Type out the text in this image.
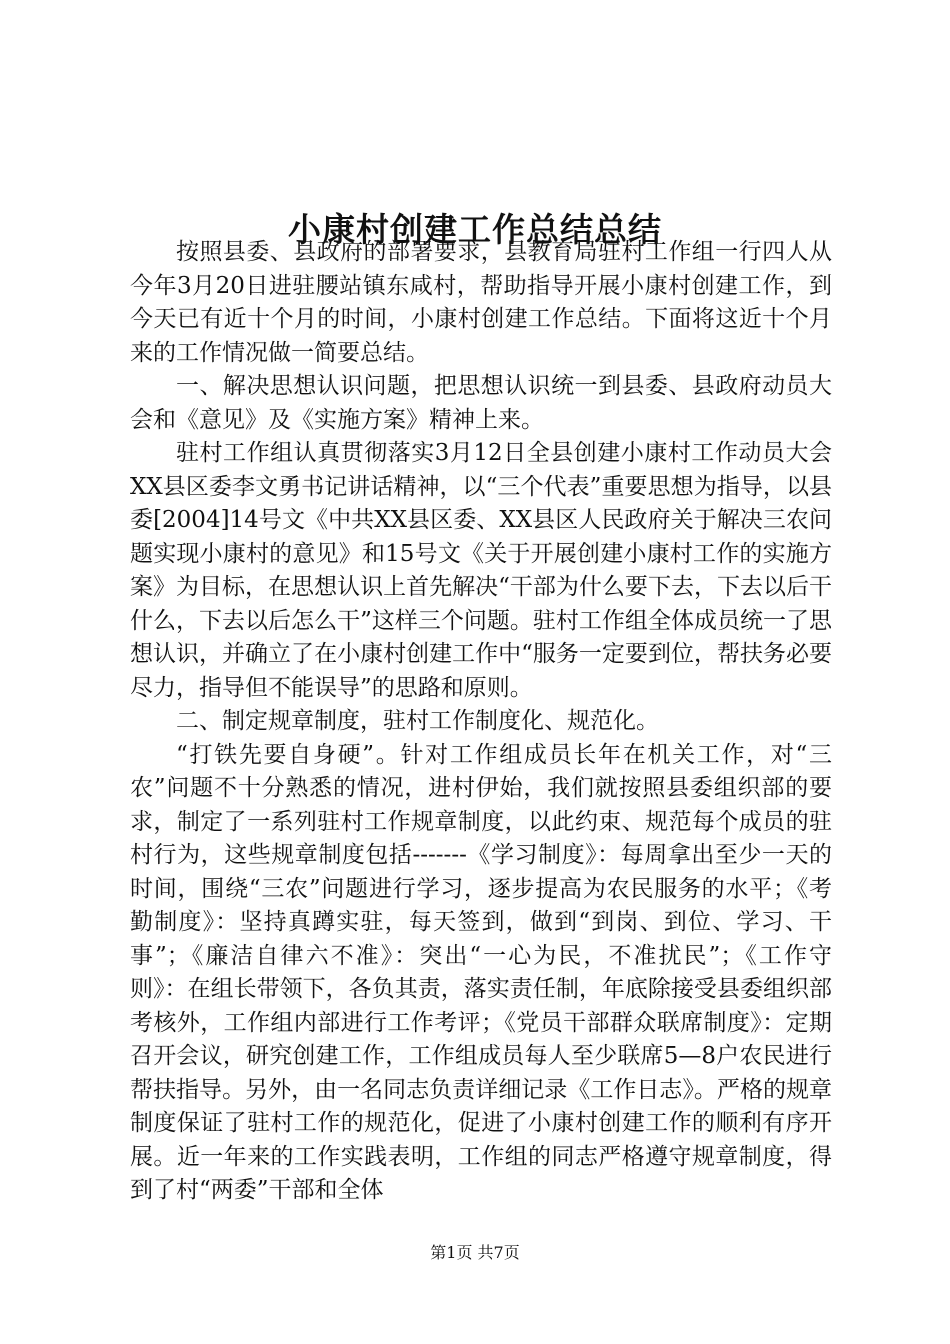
小康村创建工作总结总结

按照县委、县政府的部署要求，县教育局驻村工作组一行四人从今年3月20日进驻腰站镇东咸村，帮助指导开展小康村创建工作，到今天已有近十个月的时间，小康村创建工作总结。下面将这近十个月来的工作情况做一简要总结。

一、解决思想认识问题，把思想认识统一到县委、县政府动员大会和《意见》及《实施方案》精神上来。

驻村工作组认真贯彻落实3月12日全县创建小康村工作动员大会XX县区委李文勇书记讲话精神，以“三个代表”重要思想为指导，以县委[2004]14号文《中共XX县区委、XX县区人民政府关于解决三农问题实现小康村的意见》和15号文《关于开展创建小康村工作的实施方案》为目标，在思想认识上首先解决“干部为什么要下去，下去以后干什么，下去以后怎么干”这样三个问题。驻村工作组全体成员统一了思想认识，并确立了在小康村创建工作中“服务一定要到位，帮扶务必要尽力，指导但不能误导”的思路和原则。

二、制定规章制度，驻村工作制度化、规范化。

“打铁先要自身硬”。针对工作组成员长年在机关工作，对“三农”问题不十分熟悉的情况，进村伊始，我们就按照县委组织部的要求，制定了一系列驻村工作规章制度，以此约束、规范每个成员的驻村行为，这些规章制度包括-------《学习制度》：每周拿出至少一天的时间，围绕“三农”问题进行学习，逐步提高为农民服务的水平；《考勤制度》：坚持真蹲实驻，每天签到，做到“到岗、到位、学习、干事”；《廉洁自律六不准》：突出“一心为民，不准扰民”；《工作守则》：在组长带领下，各负其责，落实责任制，年底除接受县委组织部考核外，工作组内部进行工作考评；《党员干部群众联席制度》：定期召开会议，研究创建工作，工作组成员每人至少联席5—8户农民进行帮扶指导。另外，由一名同志负责详细记录《工作日志》。严格的规章制度保证了驻村工作的规范化，促进了小康村创建工作的顺利有序开展。近一年来的工作实践表明，工作组的同志严格遵守规章制度，得到了村“两委”干部和全体

第1页 共7页
